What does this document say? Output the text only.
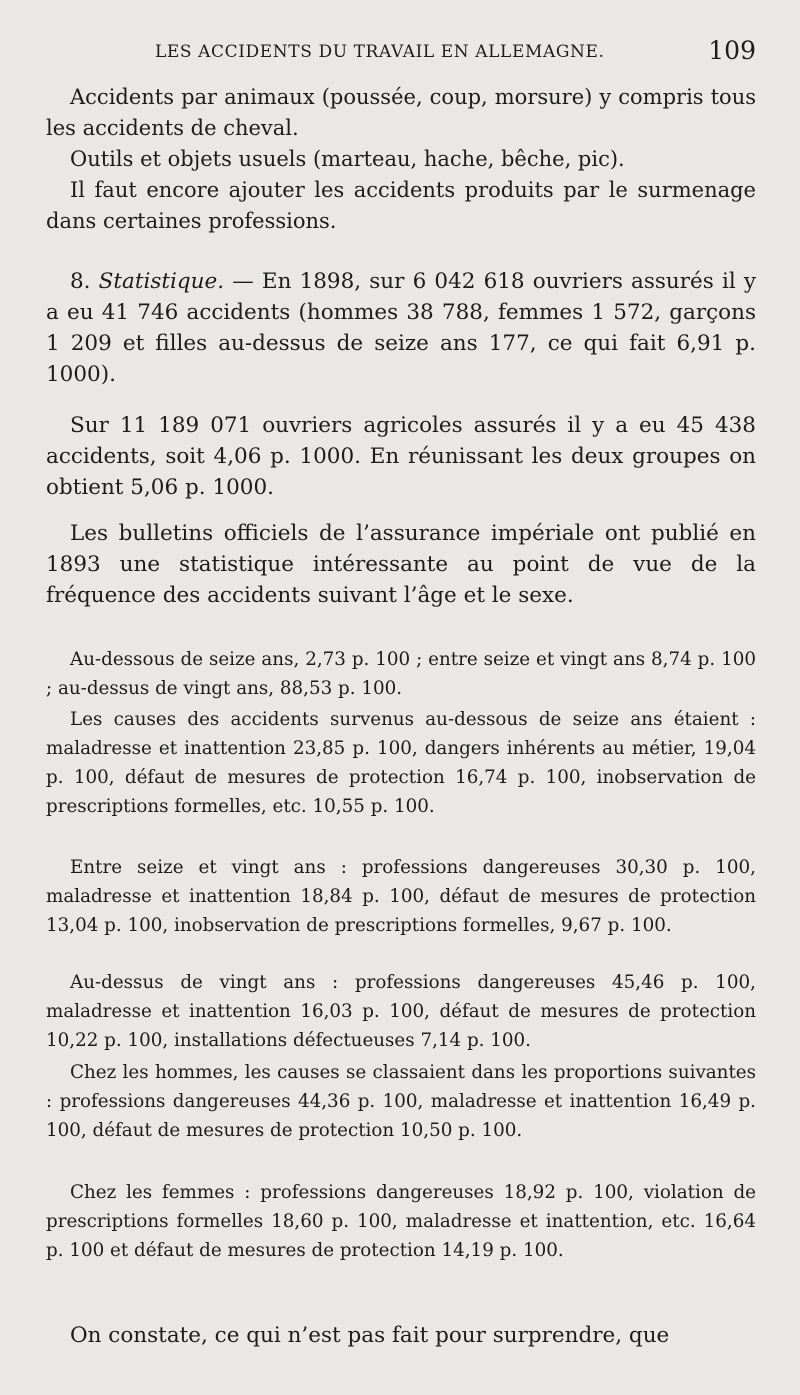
LES ACCIDENTS DU TRAVAIL EN ALLEMAGNE.	109

Accidents par animaux (poussée, coup, morsure) y compris tous les accidents de cheval.

Outils et objets usuels (marteau, hache, bêche, pic).

Il faut encore ajouter les accidents produits par le surmenage dans certaines professions.

8. Statistique. — En 1898, sur 6 042 618 ouvriers assurés il y a eu 41 746 accidents (hommes 38 788, femmes 1 572, garçons 1 209 et filles au-dessus de seize ans 177, ce qui fait 6,91 p. 1000).

Sur 11 189 071 ouvriers agricoles assurés il y a eu 45 438 accidents, soit 4,06 p. 1000. En réunissant les deux groupes on obtient 5,06 p. 1000.

Les bulletins officiels de l’assurance impériale ont publié en 1893 une statistique intéressante au point de vue de la fréquence des accidents suivant l’âge et le sexe.

Au-dessous de seize ans, 2,73 p. 100 ; entre seize et vingt ans 8,74 p. 100 ; au-dessus de vingt ans, 88,53 p. 100.

Les causes des accidents survenus au-dessous de seize ans étaient : maladresse et inattention 23,85 p. 100, dangers inhérents au métier, 19,04 p. 100, défaut de mesures de protection 16,74 p. 100, inobservation de prescriptions formelles, etc. 10,55 p. 100.

Entre seize et vingt ans : professions dangereuses 30,30 p. 100, maladresse et inattention 18,84 p. 100, défaut de mesures de protection 13,04 p. 100, inobservation de prescriptions formelles, 9,67 p. 100.

Au-dessus de vingt ans : professions dangereuses 45,46 p. 100, maladresse et inattention 16,03 p. 100, défaut de mesures de protection 10,22 p. 100, installations défectueuses 7,14 p. 100.

Chez les hommes, les causes se classaient dans les proportions suivantes : professions dangereuses 44,36 p. 100, maladresse et inattention 16,49 p. 100, défaut de mesures de protection 10,50 p. 100.

Chez les femmes : professions dangereuses 18,92 p. 100, violation de prescriptions formelles 18,60 p. 100, maladresse et inattention, etc. 16,64 p. 100 et défaut de mesures de protection 14,19 p. 100.

On constate, ce qui n’est pas fait pour surprendre, que
